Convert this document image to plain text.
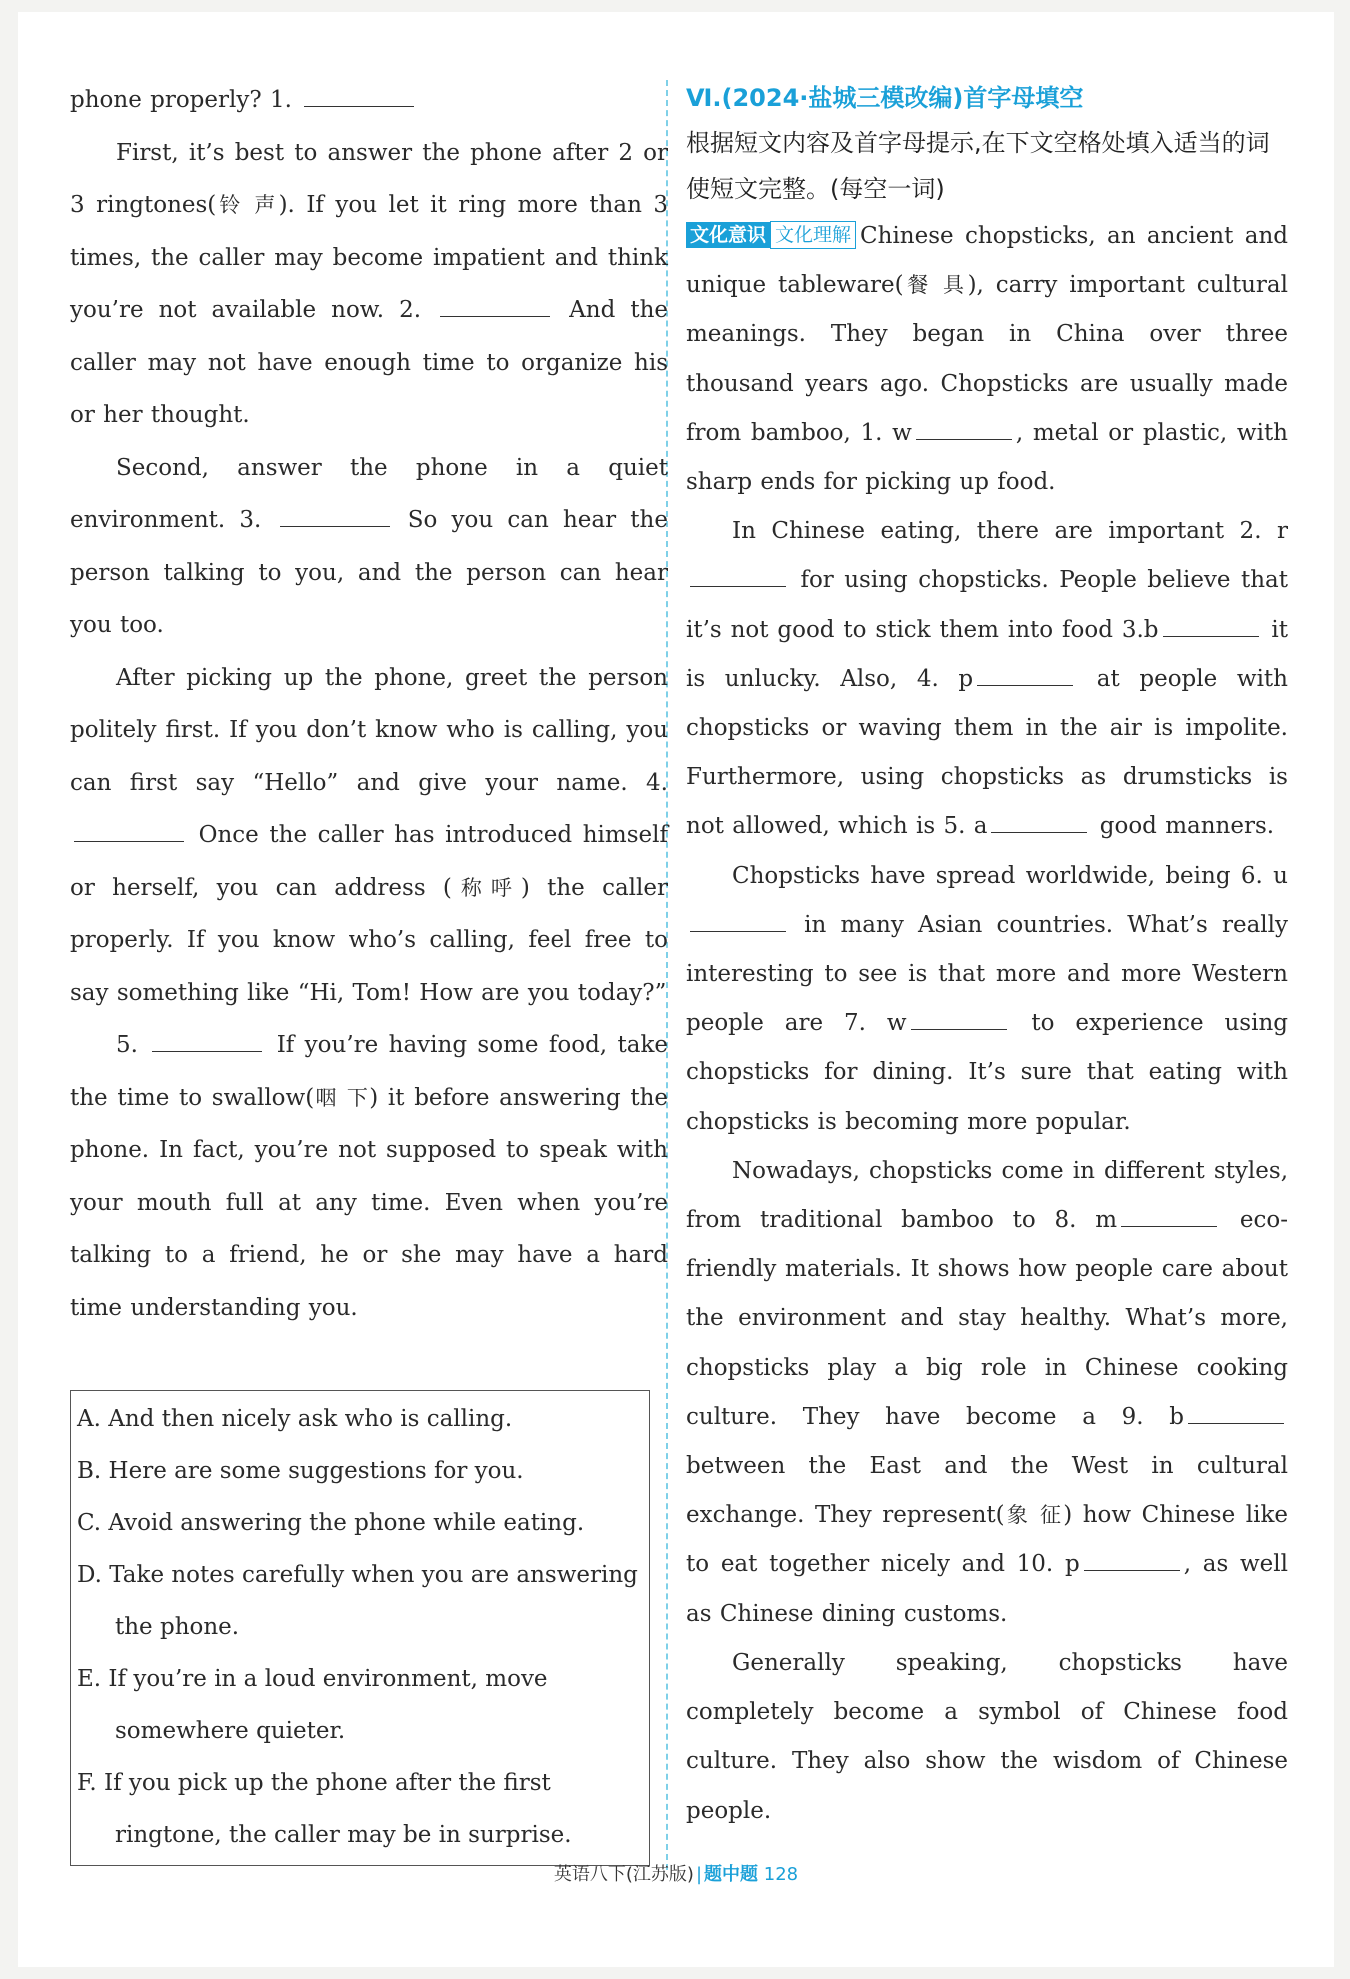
phone properly? 1.

First, it’s best to answer the phone after 2 or 3 ringtones(铃 声). If you let it ring more than 3 times, the caller may become impatient and think you’re not available now. 2.	And the caller may not have enough time to organize his or her thought.

Second, answer the phone in a quiet environment. 3.	So you can hear the person talking to you, and the person can hear you too.

After picking up the phone, greet the person politely first. If you don’t know who is calling, you can first say “Hello” and give your name. 4.  Once the caller has introduced himself or herself, you can address (称呼) the caller properly. If you know who’s calling, feel free to say something like “Hi, Tom! How are you today?”

5.	If you’re having some food, take the time to swallow(咽 下) it before answering the phone. In fact, you’re not supposed to speak with your mouth full at any time. Even when you’re talking to a friend, he or she may have a hard time understanding you.

A. And then nicely ask who is calling.

B. Here are some suggestions for you.

C. Avoid answering the phone while eating.

D. Take notes carefully when you are answering
the phone.

E. If you’re in a loud environment, move
somewhere quieter.

F. If you pick up the phone after the first
ringtone, the caller may be in surprise.

Ⅵ.(2024·盐城三模改编)首字母填空

根据短文内容及首字母提示,在下文空格处填入适当的词使短文完整。(每空一词)

文化意识 文化理解 Chinese chopsticks, an ancient and unique tableware(餐 具), carry important cultural meanings. They began in China over three thousand years ago. Chopsticks are usually made from bamboo, 1. w	, metal or plastic, with sharp ends for picking up food.

In Chinese eating, there are important 2. r for using chopsticks. People believe that it’s not good to stick them into food 3.b	it is unlucky. Also, 4. p	at people with chopsticks or waving them in the air is impolite. Furthermore, using chopsticks as drumsticks is not allowed, which is 5. a	good manners.

Chopsticks have spread worldwide, being 6. u in many Asian countries. What’s really interesting to see is that more and more Western people are 7. w	to experience using chopsticks for dining. It’s sure that eating with chopsticks is becoming more popular.

Nowadays, chopsticks come in different styles, from traditional bamboo to 8. m	eco-friendly materials. It shows how people care about the environment and stay healthy. What’s more, chopsticks play a big role in Chinese cooking culture. They have become a 9. b between the East and the West in cultural exchange. They represent(象 征) how Chinese like to eat together nicely and 10. p	, as well as Chinese dining customs.

Generally speaking, chopsticks have completely become a symbol of Chinese food culture. They also show the wisdom of Chinese people.

英语八下(江苏版) | 题中题 128
